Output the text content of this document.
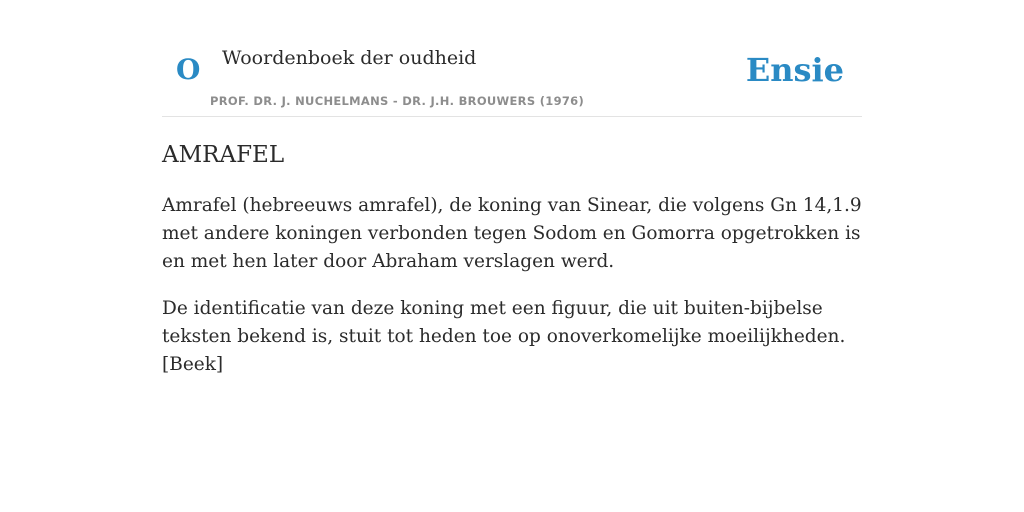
O Woordenboek der oudheid
PROF. DR. J. NUCHELMANS - DR. J.H. BROUWERS (1976)
Ensie
AMRAFEL

Amrafel (hebreeuws amrafel), de koning van Sinear, die volgens Gn 14,1.9 met andere koningen verbonden tegen Sodom en Gomorra opgetrokken is en met hen later door Abraham verslagen werd.

De identificatie van deze koning met een figuur, die uit buiten-bijbelse teksten bekend is, stuit tot heden toe op onoverkomelijke moeilijkheden. [Beek]
